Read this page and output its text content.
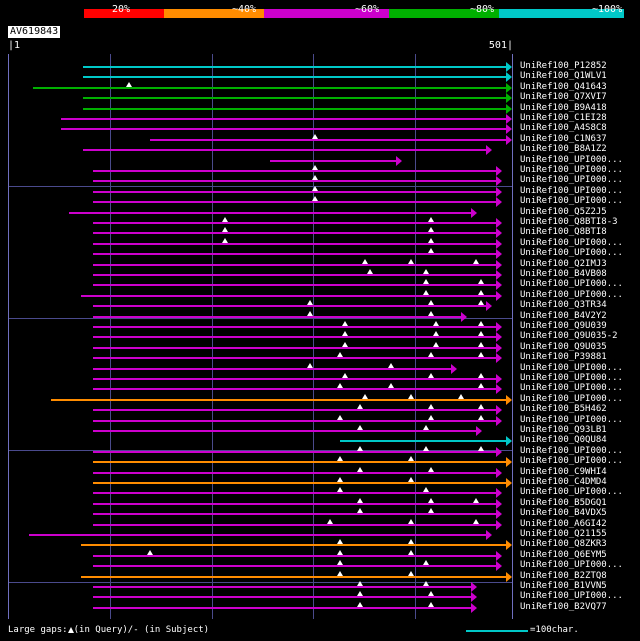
20%	~40%	~60%	~80%	~100%
AV619843
|1	501|
UniRef100_P12852
UniRef100_Q1WLV1
UniRef100_Q41643
UniRef100_Q7XVI7
UniRef100_B9A418
UniRef100_C1EI28
UniRef100_A4S8C8
UniRef100_C1N637
UniRef100_B8A1Z2
UniRef100_UPI000...
UniRef100_UPI000...
UniRef100_UPI000...
UniRef100_UPI000...
UniRef100_UPI000...
UniRef100_Q5Z2J5
UniRef100_Q8BTI8-3
UniRef100_Q8BTI8
UniRef100_UPI000...
UniRef100_UPI000...
UniRef100_Q2IMJ3
UniRef100_B4VB08
UniRef100_UPI000...
UniRef100_UPI000...
UniRef100_Q3TR34
UniRef100_B4V2Y2
UniRef100_Q9U039
UniRef100_Q9U035-2
UniRef100_Q9U035
UniRef100_P39881
UniRef100_UPI000...
UniRef100_UPI000...
UniRef100_UPI000...
UniRef100_UPI000...
UniRef100_B5H462
UniRef100_UPI000...
UniRef100_Q93LB1
UniRef100_Q0QU84
UniRef100_UPI000...
UniRef100_UPI000...
UniRef100_C9WHI4
UniRef100_C4DMD4
UniRef100_UPI000...
UniRef100_B5DGQ1
UniRef100_B4VDX5
UniRef100_A6GI42
UniRef100_Q21155
UniRef100_Q8ZKR3
UniRef100_Q6EYM5
UniRef100_UPI000...
UniRef100_B2ZTQ8
UniRef100_B1VVN5
UniRef100_UPI000...
UniRef100_B2VQ77
Large gaps: (in Query)/- (in Subject)	=100char.
